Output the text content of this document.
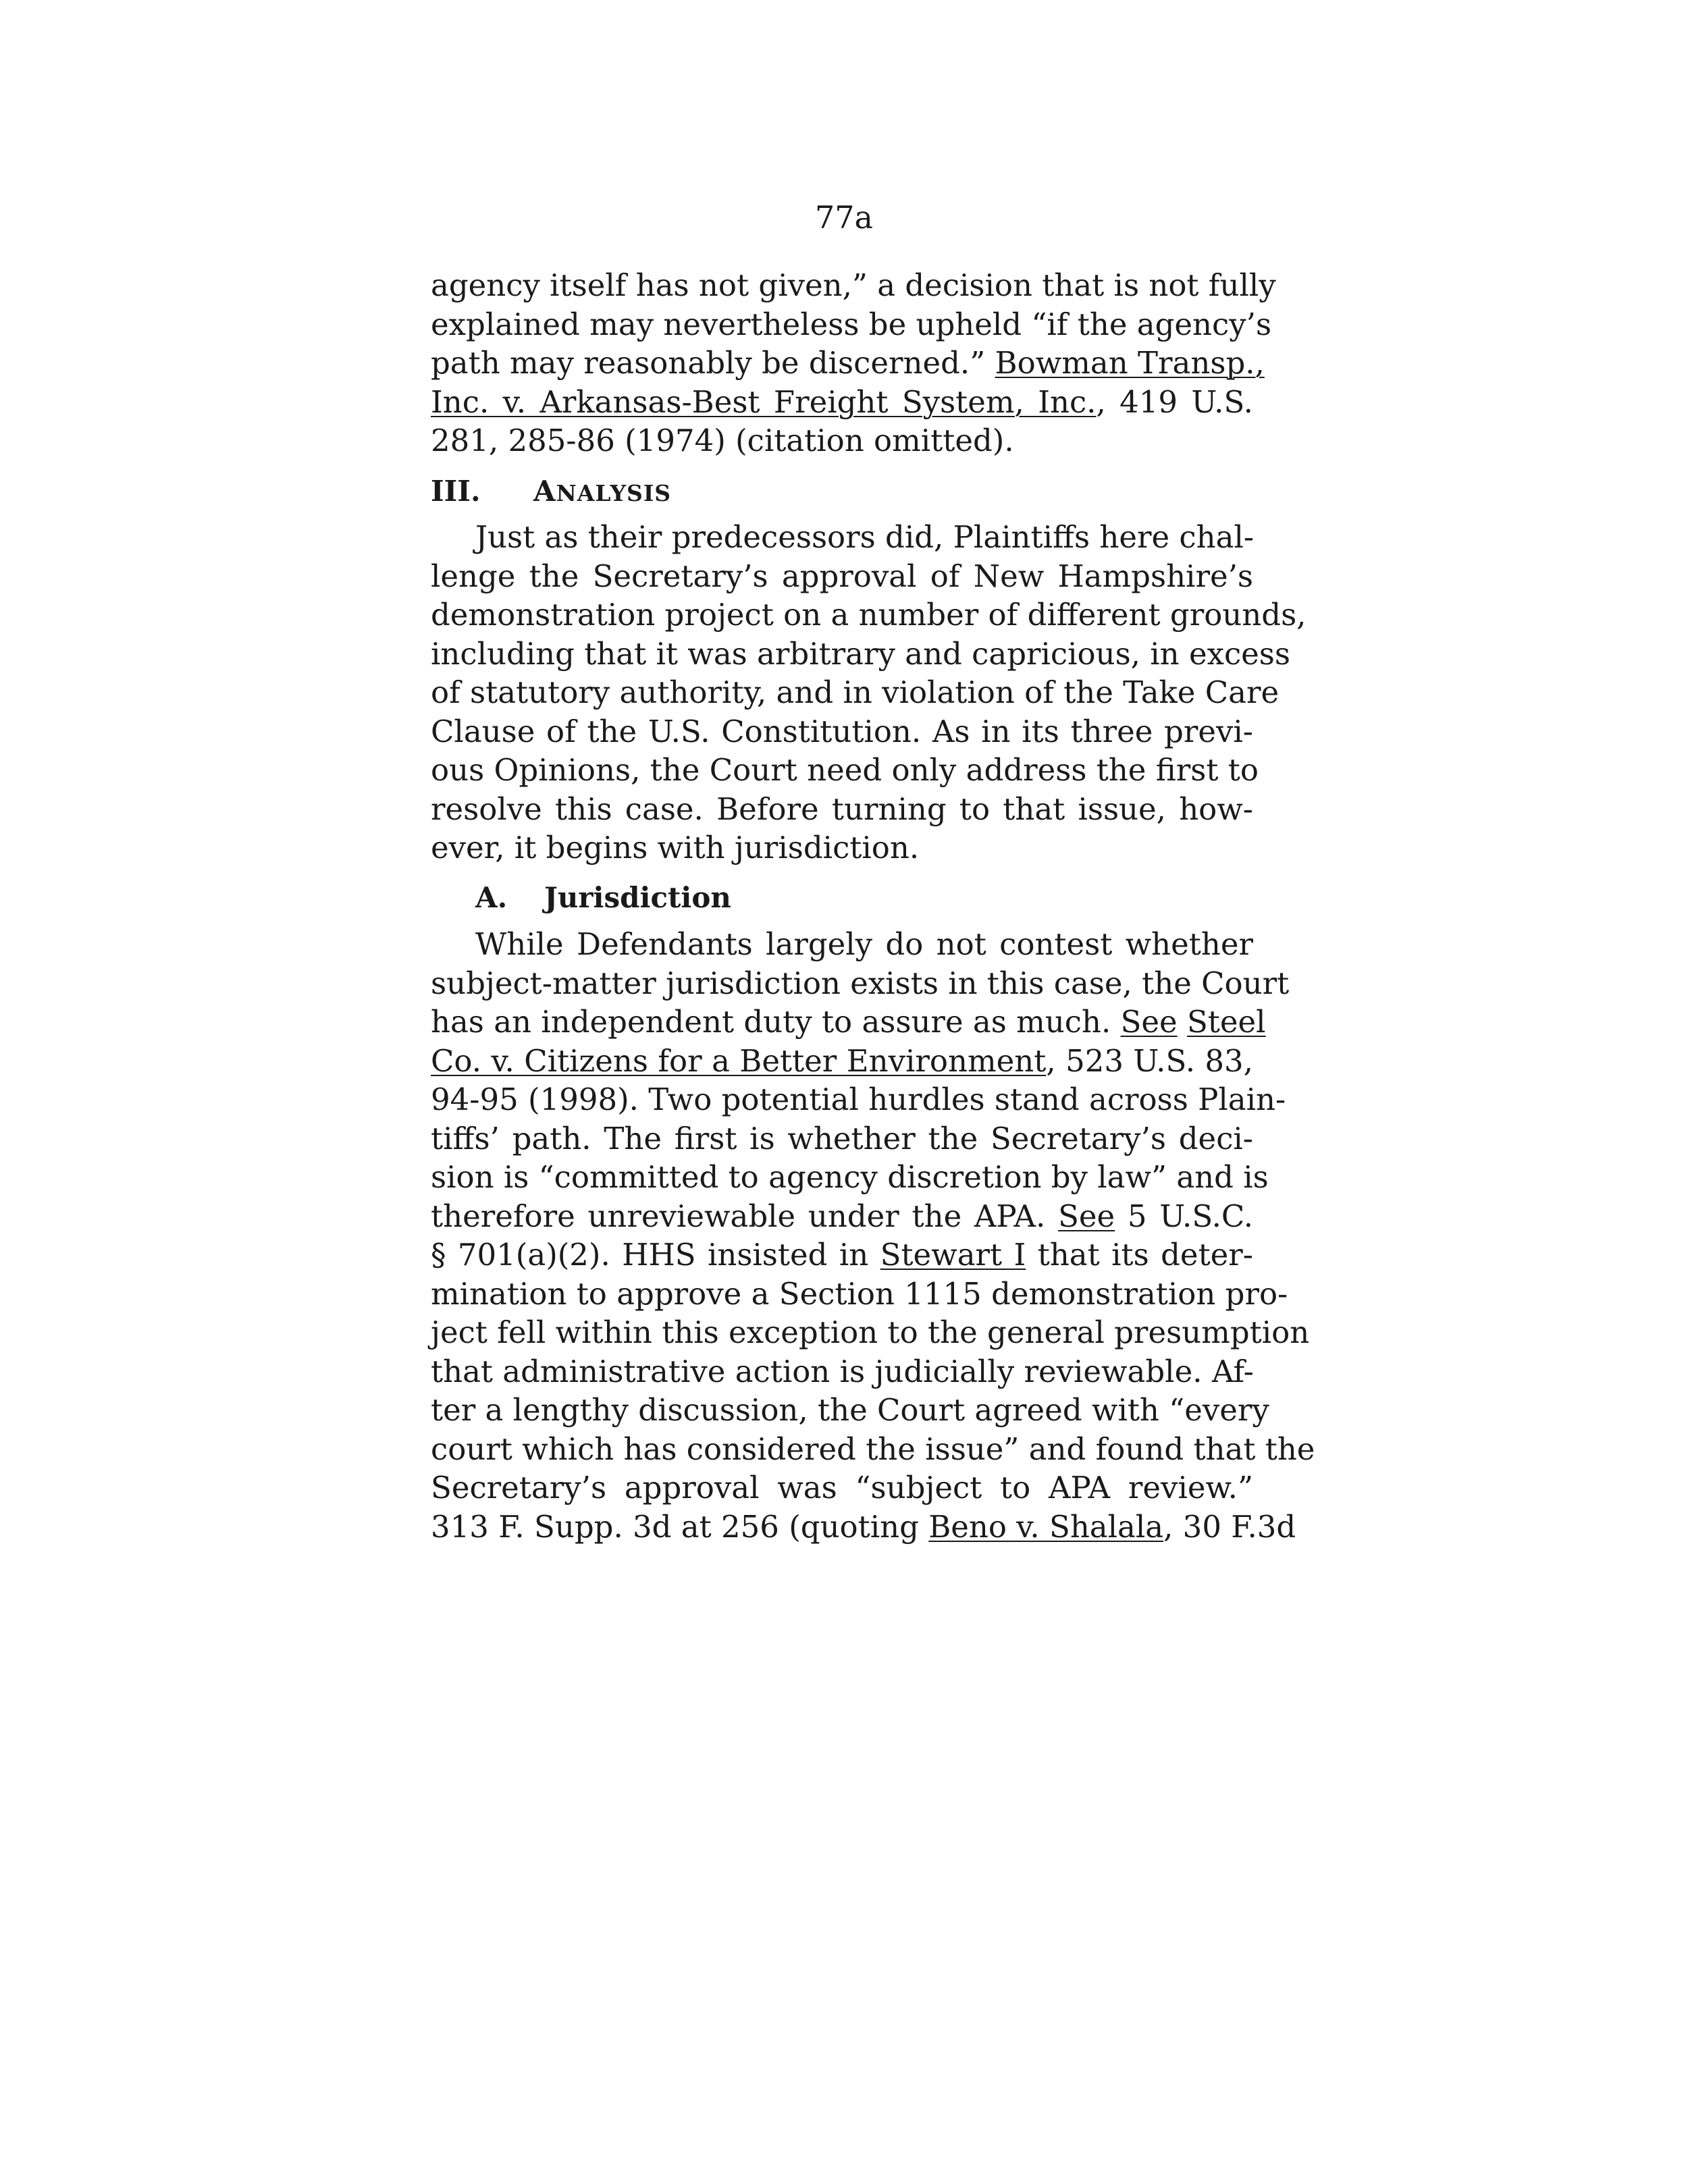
77a
agency itself has not given,” a decision that is not fully
explained may nevertheless be upheld “if the agency’s
path may reasonably be discerned.” Bowman Transp.,
Inc. v. Arkansas-Best Freight System, Inc., 419 U.S.
281, 285-86 (1974) (citation omitted).
III. ANALYSIS
Just as their predecessors did, Plaintiffs here chal-
lenge the Secretary’s approval of New Hampshire’s
demonstration project on a number of different grounds,
including that it was arbitrary and capricious, in excess
of statutory authority, and in violation of the Take Care
Clause of the U.S. Constitution. As in its three previ-
ous Opinions, the Court need only address the first to
resolve this case. Before turning to that issue, how-
ever, it begins with jurisdiction.
A. Jurisdiction
While Defendants largely do not contest whether
subject-matter jurisdiction exists in this case, the Court
has an independent duty to assure as much. See Steel
Co. v. Citizens for a Better Environment, 523 U.S. 83,
94-95 (1998). Two potential hurdles stand across Plain-
tiffs’ path. The first is whether the Secretary’s deci-
sion is “committed to agency discretion by law” and is
therefore unreviewable under the APA. See 5 U.S.C.
§ 701(a)(2). HHS insisted in Stewart I that its deter-
mination to approve a Section 1115 demonstration pro-
ject fell within this exception to the general presumption
that administrative action is judicially reviewable. Af-
ter a lengthy discussion, the Court agreed with “every
court which has considered the issue” and found that the
Secretary’s approval was “subject to APA review.”
313 F. Supp. 3d at 256 (quoting Beno v. Shalala, 30 F.3d
